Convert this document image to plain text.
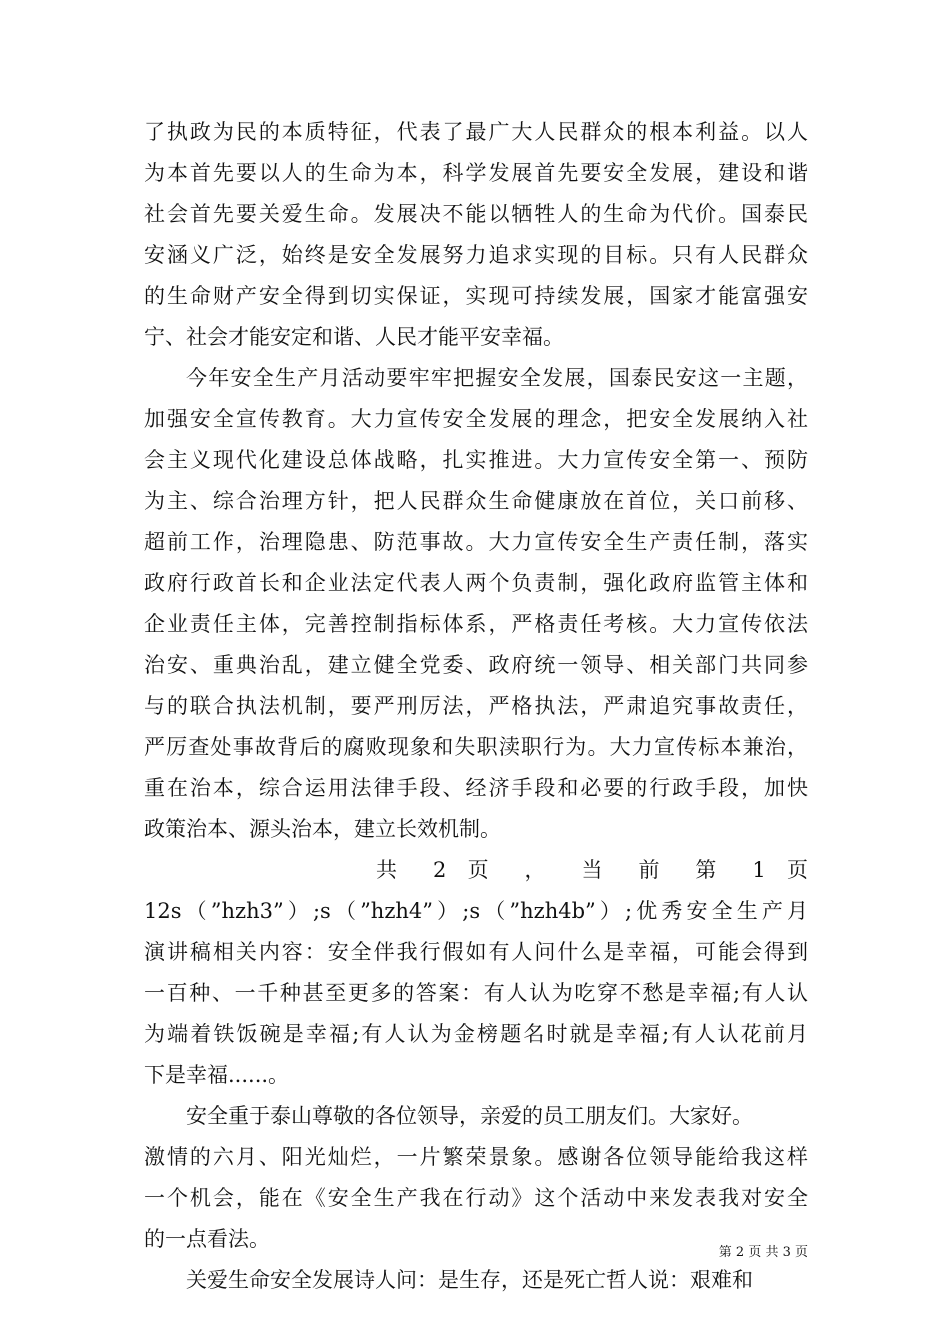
了执政为民的本质特征，代表了最广大人民群众的根本利益。以人
为本首先要以人的生命为本，科学发展首先要安全发展，建设和谐
社会首先要关爱生命。发展决不能以牺牲人的生命为代价。国泰民
安涵义广泛，始终是安全发展努力追求实现的目标。只有人民群众
的生命财产安全得到切实保证，实现可持续发展，国家才能富强安
宁、社会才能安定和谐、人民才能平安幸福。
今年安全生产月活动要牢牢把握安全发展，国泰民安这一主题，
加强安全宣传教育。大力宣传安全发展的理念，把安全发展纳入社
会主义现代化建设总体战略，扎实推进。大力宣传安全第一、预防
为主、综合治理方针，把人民群众生命健康放在首位，关口前移、
超前工作，治理隐患、防范事故。大力宣传安全生产责任制，落实
政府行政首长和企业法定代表人两个负责制，强化政府监管主体和
企业责任主体，完善控制指标体系，严格责任考核。大力宣传依法
治安、重典治乱，建立健全党委、政府统一领导、相关部门共同参
与的联合执法机制，要严刑厉法，严格执法，严肃追究事故责任，
严厉查处事故背后的腐败现象和失职渎职行为。大力宣传标本兼治，
重在治本，综合运用法律手段、经济手段和必要的行政手段，加快
政策治本、源头治本，建立长效机制。
共 2 页 ， 当 前 第 1 页
12s（”hzh3”）;s（”hzh4”）;s（”hzh4b”）;优秀安全生产月
演讲稿相关内容：安全伴我行假如有人问什么是幸福，可能会得到
一百种、一千种甚至更多的答案：有人认为吃穿不愁是幸福;有人认
为端着铁饭碗是幸福;有人认为金榜题名时就是幸福;有人认花前月
下是幸福......。
安全重于泰山尊敬的各位领导，亲爱的员工朋友们。大家好。
激情的六月、阳光灿烂，一片繁荣景象。感谢各位领导能给我这样
一个机会，能在《安全生产我在行动》这个活动中来发表我对安全
的一点看法。
关爱生命安全发展诗人问：是生存，还是死亡哲人说：艰难和
第 2 页 共 3 页
